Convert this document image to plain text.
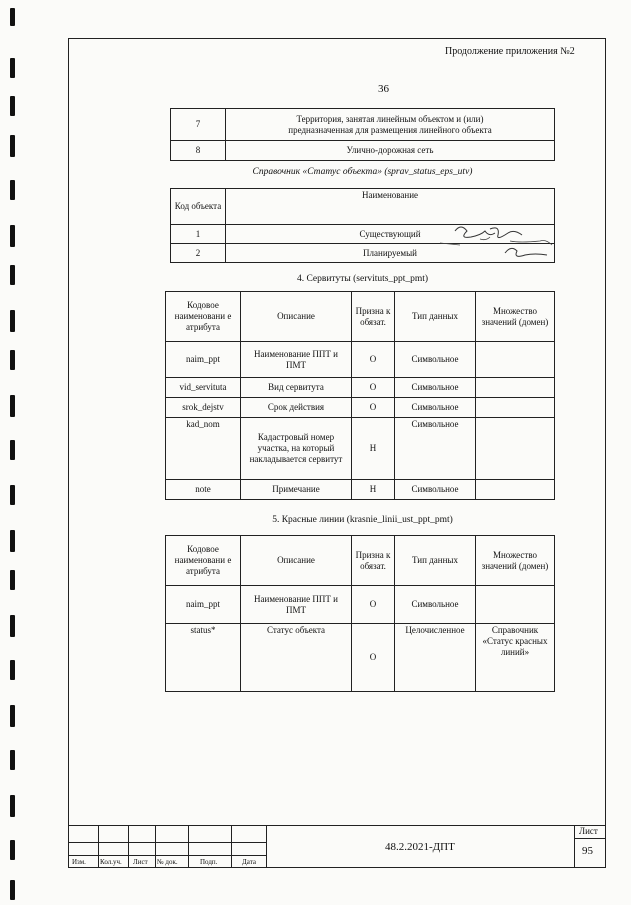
Продолжение приложения №2
36
7	Территория, занятая линейным объектом и (или)
предназначенная для размещения линейного объекта

8	Улично-дорожная сеть
Справочник «Статус объекта» (sprav_status_eps_utv)
Код объекта	Наименование
1	Существующий
2	Планируемый
4. Сервитуты (servituts_ppt_pmt)
Кодовое наименовани е атрибута	Описание	Призна к обязат.	Тип данных	Множество значений (домен)
naim_ppt	Наименование ППТ и ПМТ	О	Символьное	
vid_servituta	Вид сервитута	О	Символьное	
srok_dejstv	Срок действия	О	Символьное	
kad_nom	Кадастровый номер участка, на который накладывается сервитут	Н	Символьное	
note	Примечание	Н	Символьное	
5. Красные линии (krasnie_linii_ust_ppt_pmt)
Кодовое наименовани е атрибута	Описание	Призна к обязат.	Тип данных	Множество значений (домен)
naim_ppt	Наименование ППТ и ПМТ	О	Символьное	
status*	Статус объекта	О	Целочисленное	Справочник «Статус красных линий»
Изм. Кол.уч. Лист № док.	Подп.	Дата
48.2.2021-ДПТ
Лист
95
